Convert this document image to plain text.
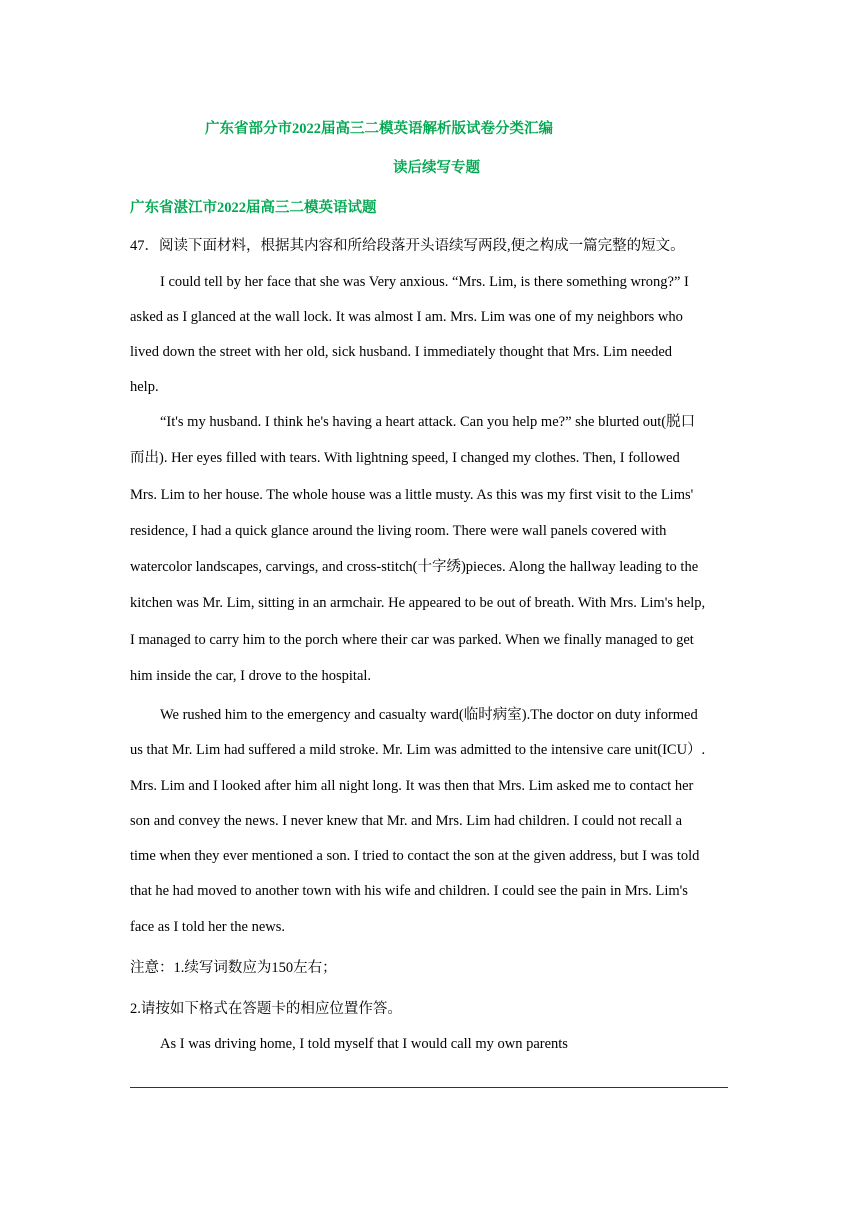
广东省部分市2022届高三二模英语解析版试卷分类汇编
读后续写专题
广东省湛江市2022届高三二模英语试题
47．阅读下面材料，根据其内容和所给段落开头语续写两段,便之构成一篇完整的短文。
I could tell by her face that she was Very anxious. “Mrs. Lim, is there something wrong?” I
asked as I glanced at the wall lock. It was almost I am. Mrs. Lim was one of my neighbors who
lived down the street with her old, sick husband. I immediately thought that Mrs. Lim needed
help.
“It's my husband. I think he's having a heart attack. Can you help me?” she blurted out(脱口
而出). Her eyes filled with tears. With lightning speed, I changed my clothes. Then, I followed
Mrs. Lim to her house. The whole house was a little musty. As this was my first visit to the Lims'
residence, I had a quick glance around the living room. There were wall panels covered with
watercolor landscapes, carvings, and cross-stitch(十字绣)pieces. Along the hallway leading to the
kitchen was Mr. Lim, sitting in an armchair. He appeared to be out of breath. With Mrs. Lim's help,
I managed to carry him to the porch where their car was parked. When we finally managed to get
him inside the car, I drove to the hospital.
We rushed him to the emergency and casualty ward(临时病室).The doctor on duty informed
us that Mr. Lim had suffered a mild stroke. Mr. Lim was admitted to the intensive care unit(ICU）.
Mrs. Lim and I looked after him all night long. It was then that Mrs. Lim asked me to contact her
son and convey the news. I never knew that Mr. and Mrs. Lim had children. I could not recall a
time when they ever mentioned a son. I tried to contact the son at the given address, but I was told
that he had moved to another town with his wife and children. I could see the pain in Mrs. Lim's
face as I told her the news.
注意：1.续写词数应为150左右；
2.请按如下格式在答题卡的相应位置作答。
As I was driving home, I told myself that I would call my own parents
